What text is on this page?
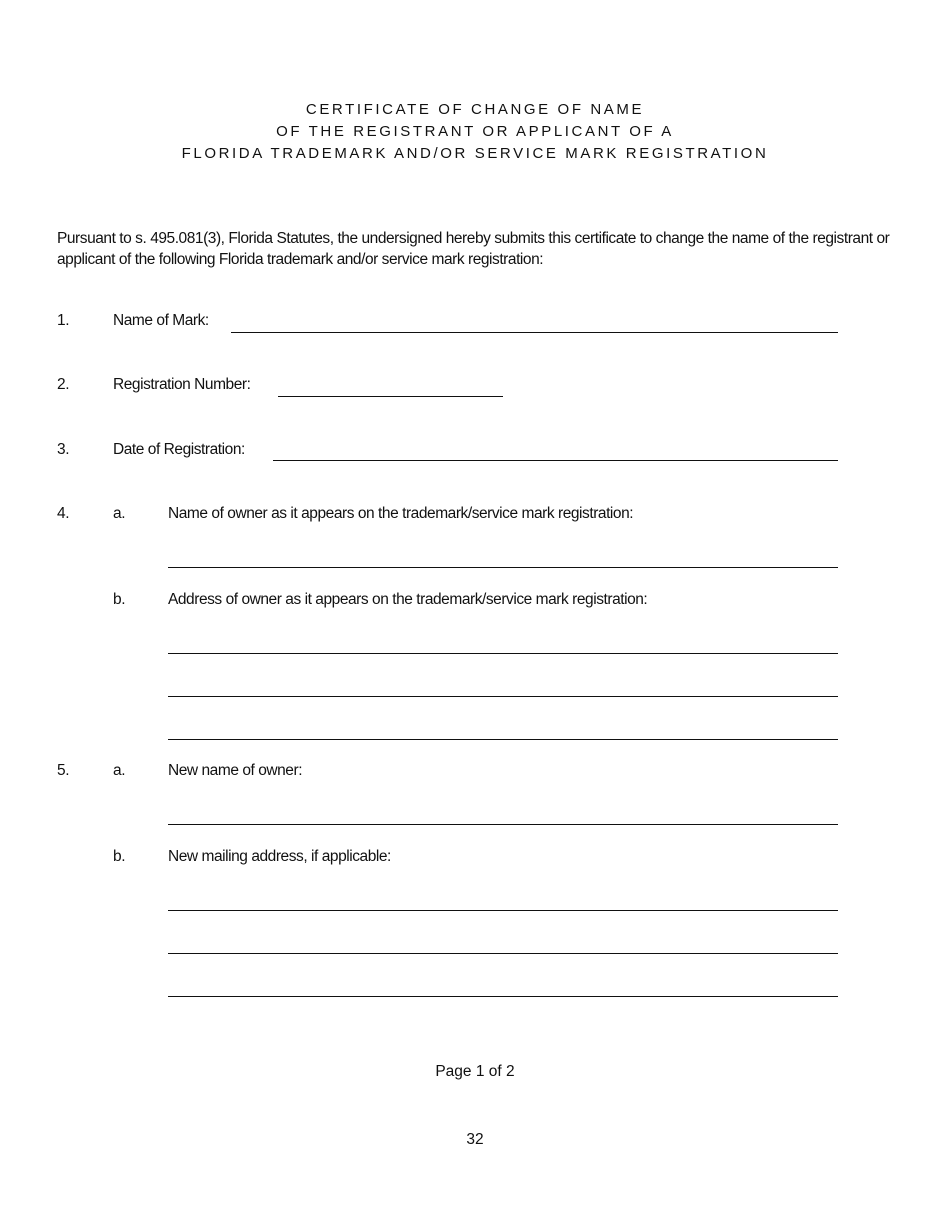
CERTIFICATE OF CHANGE OF NAME
OF THE REGISTRANT OR APPLICANT OF A
FLORIDA TRADEMARK AND/OR SERVICE MARK REGISTRATION
Pursuant to s. 495.081(3), Florida Statutes, the undersigned hereby submits this certificate to change the name of the registrant or applicant of the following Florida trademark and/or service mark registration:
1.	Name of Mark:
2.	Registration Number:
3.	Date of Registration:
4.	a.	Name of owner as it appears on the trademark/service mark registration:
b.	Address of owner as it appears on the trademark/service mark registration:
5.	a.	New name of owner:
b.	New mailing address, if applicable:
Page 1 of 2
32
